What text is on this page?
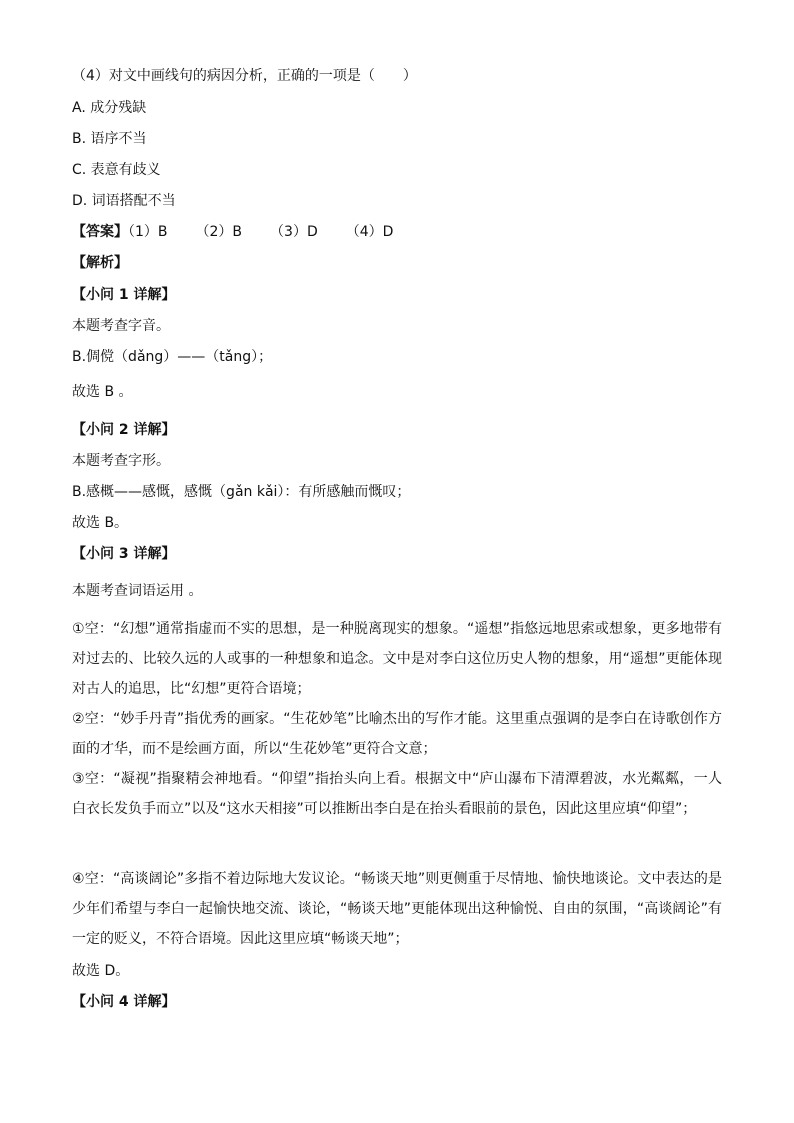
（4）对文中画线句的病因分析，正确的一项是（　　）
A. 成分残缺
B. 语序不当
C. 表意有歧义
D. 词语搭配不当
【答案】（1）B （2）B （3）D （4）D
【解析】
【小问 1 详解】
本题考查字音。
B.倜傥（dǎng）——（tǎng）；
故选 B 。
【小问 2 详解】
本题考查字形。
B.感概——感慨，感慨（gǎn kǎi）：有所感触而慨叹；
故选 B。
【小问 3 详解】
本题考查词语运用 。
①空：“幻想”通常指虚而不实的思想，是一种脱离现实的想象。“遥想”指悠远地思索或想象，更多地带有对过去的、比较久远的人或事的一种想象和追念。文中是对李白这位历史人物的想象，用“遥想”更能体现对古人的追思，比“幻想”更符合语境；
②空：“妙手丹青”指优秀的画家。“生花妙笔”比喻杰出的写作才能。这里重点强调的是李白在诗歌创作方面的才华，而不是绘画方面，所以“生花妙笔”更符合文意；
③空：“凝视”指聚精会神地看。“仰望”指抬头向上看。根据文中“庐山瀑布下清潭碧波，水光粼粼，一人白衣长发负手而立”以及“这水天相接”可以推断出李白是在抬头看眼前的景色，因此这里应填“仰望”；
④空：“高谈阔论”多指不着边际地大发议论。“畅谈天地”则更侧重于尽情地、愉快地谈论。文中表达的是少年们希望与李白一起愉快地交流、谈论，“畅谈天地”更能体现出这种愉悦、自由的氛围，“高谈阔论”有一定的贬义，不符合语境。因此这里应填“畅谈天地”；
故选 D。
【小问 4 详解】
